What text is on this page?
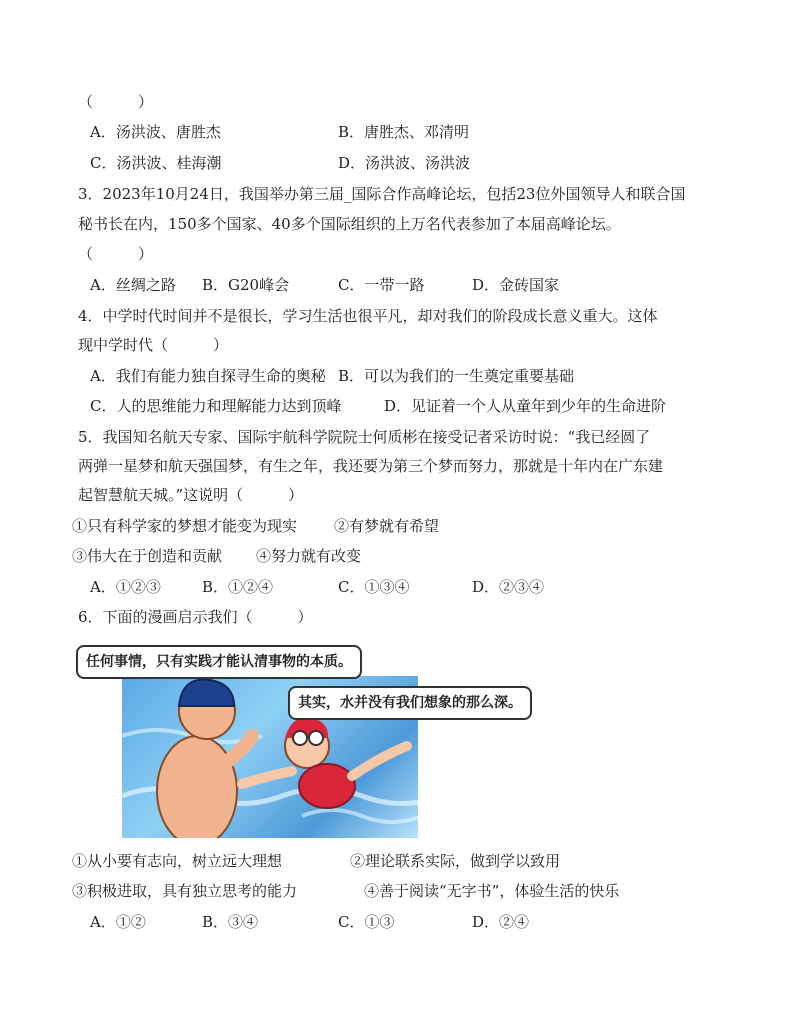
（　　　）
A．汤洪波、唐胜杰	B．唐胜杰、邓清明
C．汤洪波、桂海潮	D．汤洪波、汤洪波
3．2023年10月24日，我国举办第三届_国际合作高峰论坛，包括23位外国领导人和联合国
秘书长在内，150多个国家、40多个国际组织的上万名代表参加了本届高峰论坛。
（　　　）
A．丝绸之路 B．G20峰会	C．一带一路	D．金砖国家
4．中学时代时间并不是很长，学习生活也很平凡，却对我们的阶段成长意义重大。这体
现中学时代（　　　）
A．我们有能力独自探寻生命的奥秘 B．可以为我们的一生奠定重要基础
C．人的思维能力和理解能力达到顶峰	D．见证着一个人从童年到少年的生命进阶
5．我国知名航天专家、国际宇航科学院院士何质彬在接受记者采访时说：“我已经圆了
两弹一星梦和航天强国梦，有生之年，我还要为第三个梦而努力，那就是十年内在广东建
起智慧航天城。”这说明（　　　）
①只有科学家的梦想才能变为现实 ②有梦就有希望
③伟大在于创造和贡献 ④努力就有改变
A．①②③	B．①②④	C．①③④	D．②③④
6．下面的漫画启示我们（　　　）
任何事情，只有实践才能认清事物的本质。
其实，水并没有我们想象的那么深。
①从小要有志向，树立远大理想	②理论联系实际，做到学以致用
③积极进取，具有独立思考的能力	④善于阅读“无字书”，体验生活的快乐
A．①②	B．③④	C．①③	D．②④
